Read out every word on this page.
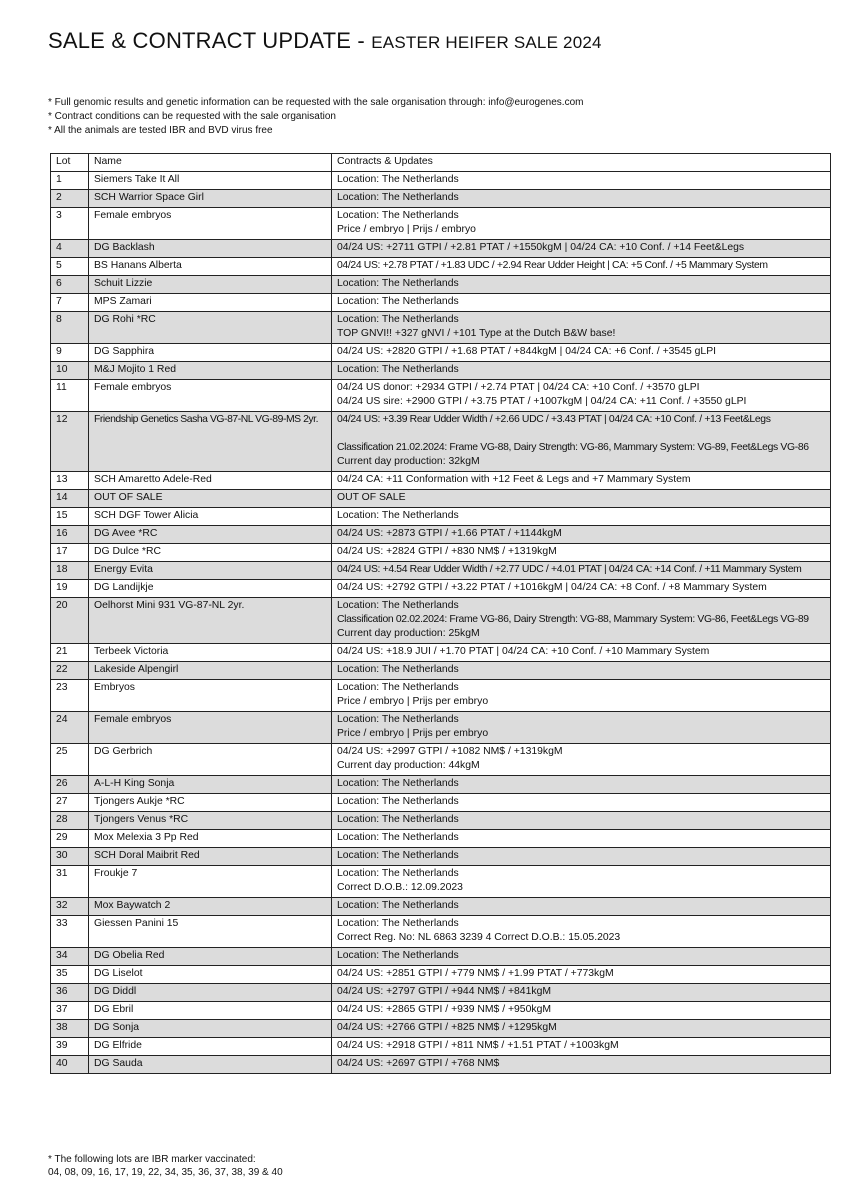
SALE & CONTRACT UPDATE - EASTER HEIFER SALE 2024
* Full genomic results and genetic information can be requested with the sale organisation through: info@eurogenes.com
* Contract conditions can be requested with the sale organisation
* All the animals are tested IBR and BVD virus free
Lot	Name	Contracts & Updates
1	Siemers Take It All	Location: The Netherlands

2	SCH Warrior Space Girl	Location: The Netherlands

3	Female embryos	Location: The Netherlands
Price / embryo | Prijs / embryo

4	DG Backlash	04/24 US: +2711 GTPI / +2.81 PTAT / +1550kgM | 04/24 CA: +10 Conf. / +14 Feet&Legs

5	BS Hanans Alberta	04/24 US: +2.78 PTAT / +1.83 UDC / +2.94 Rear Udder Height | CA: +5 Conf. / +5 Mammary System

6	Schuit Lizzie	Location: The Netherlands

7	MPS Zamari	Location: The Netherlands

8	DG Rohi *RC	Location: The Netherlands
TOP GNVI!! +327 gNVI / +101 Type at the Dutch B&W base!

9	DG Sapphira	04/24 US: +2820 GTPI / +1.68 PTAT / +844kgM | 04/24 CA: +6 Conf. / +3545 gLPI

10	M&J Mojito 1 Red	Location: The Netherlands

11	Female embryos	04/24 US donor: +2934 GTPI / +2.74 PTAT | 04/24 CA: +10 Conf. / +3570 gLPI
04/24 US sire: +2900 GTPI / +3.75 PTAT / +1007kgM | 04/24 CA: +11 Conf. / +3550 gLPI

12	Friendship Genetics Sasha VG-87-NL VG-89-MS 2yr.	04/24 US: +3.39 Rear Udder Width / +2.66 UDC / +3.43 PTAT | 04/24 CA: +10 Conf. / +13 Feet&Legs
Classification 21.02.2024: Frame VG-88, Dairy Strength: VG-86, Mammary System: VG-89, Feet&Legs VG-86
Current day production: 32kgM

13	SCH Amaretto Adele-Red	04/24 CA: +11 Conformation with +12 Feet & Legs and +7 Mammary System

14	OUT OF SALE	OUT OF SALE

15	SCH DGF Tower Alicia	Location: The Netherlands

16	DG Avee *RC	04/24 US: +2873 GTPI / +1.66 PTAT / +1144kgM

17	DG Dulce *RC	04/24 US: +2824 GTPI / +830 NM$ / +1319kgM

18	Energy Evita	04/24 US: +4.54 Rear Udder Width / +2.77 UDC / +4.01 PTAT | 04/24 CA: +14 Conf. / +11 Mammary System

19	DG Landijkje	04/24 US: +2792 GTPI / +3.22 PTAT / +1016kgM | 04/24 CA: +8 Conf. / +8 Mammary System

20	Oelhorst Mini 931 VG-87-NL 2yr.	Location: The Netherlands
Classification 02.02.2024: Frame VG-86, Dairy Strength: VG-88, Mammary System: VG-86, Feet&Legs VG-89
Current day production: 25kgM

21	Terbeek Victoria	04/24 US: +18.9 JUI / +1.70 PTAT | 04/24 CA: +10 Conf. / +10 Mammary System

22	Lakeside Alpengirl	Location: The Netherlands

23	Embryos	Location: The Netherlands
Price / embryo | Prijs per embryo

24	Female embryos	Location: The Netherlands
Price / embryo | Prijs per embryo

25	DG Gerbrich	04/24 US: +2997 GTPI / +1082 NM$ / +1319kgM
Current day production: 44kgM

26	A-L-H King Sonja	Location: The Netherlands

27	Tjongers Aukje *RC	Location: The Netherlands

28	Tjongers Venus *RC	Location: The Netherlands

29	Mox Melexia 3 Pp Red	Location: The Netherlands

30	SCH Doral Maibrit Red	Location: The Netherlands

31	Froukje 7	Location: The Netherlands
Correct D.O.B.: 12.09.2023

32	Mox Baywatch 2	Location: The Netherlands

33	Giessen Panini 15	Location: The Netherlands
Correct Reg. No: NL 6863 3239 4 Correct D.O.B.: 15.05.2023

34	DG Obelia Red	Location: The Netherlands

35	DG Liselot	04/24 US: +2851 GTPI / +779 NM$ / +1.99 PTAT / +773kgM

36	DG Diddl	04/24 US: +2797 GTPI / +944 NM$ / +841kgM

37	DG Ebril	04/24 US: +2865 GTPI / +939 NM$ / +950kgM

38	DG Sonja	04/24 US: +2766 GTPI / +825 NM$ / +1295kgM

39	DG Elfride	04/24 US: +2918 GTPI / +811 NM$ / +1.51 PTAT / +1003kgM

40	DG Sauda	04/24 US: +2697 GTPI / +768 NM$
* The following lots are IBR marker vaccinated:
04, 08, 09, 16, 17, 19, 22, 34, 35, 36, 37, 38, 39 & 40
